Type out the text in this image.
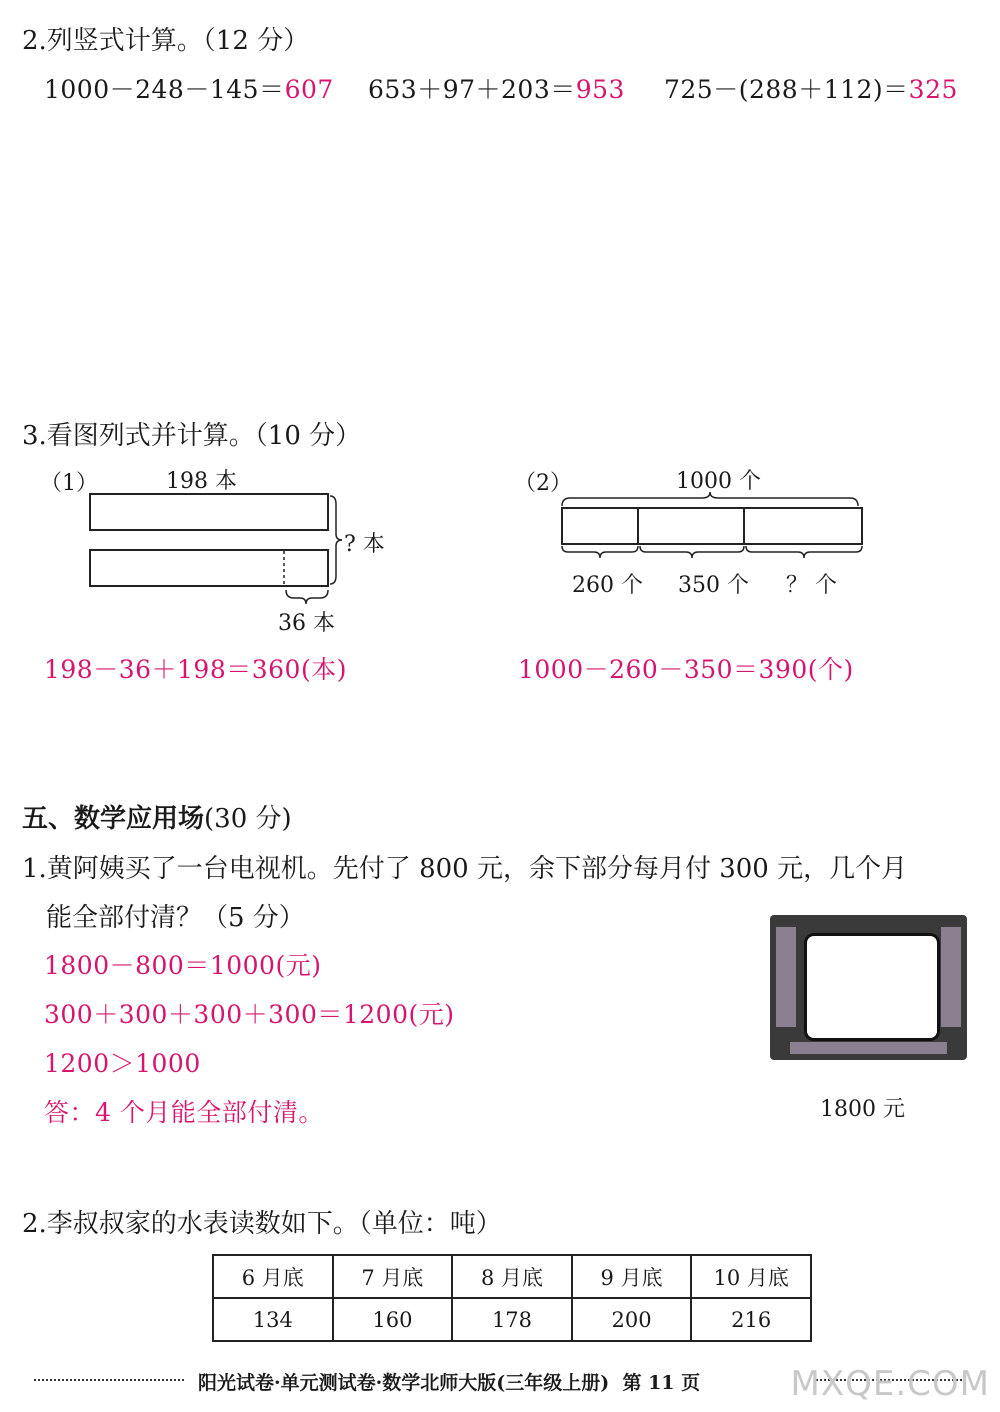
2.列竖式计算。（12 分）
1000－248－145＝607 653＋97＋203＝953 725－(288＋112)＝325
3.看图列式并计算。（10 分）
（1）	198 本
? 本
36 本
198－36＋198＝360(本)
（2）	1000 个
260 个 350 个 ？ 个
1000－260－350＝390(个)
五、数学应用场(30 分)
1.黄阿姨买了一台电视机。先付了 800 元，余下部分每月付 300 元，几个月
能全部付清？（5 分）
1800－800＝1000(元)
300＋300＋300＋300＝1200(元)
1200＞1000
答：4 个月能全部付清。	1800 元
2.李叔叔家的水表读数如下。（单位：吨）
6 月底	7 月底	8 月底	9 月底	10 月底
134	160	178	200	216
阳光试卷·单元测试卷·数学北师大版(三年级上册) 第 11 页	MXQE.COM
